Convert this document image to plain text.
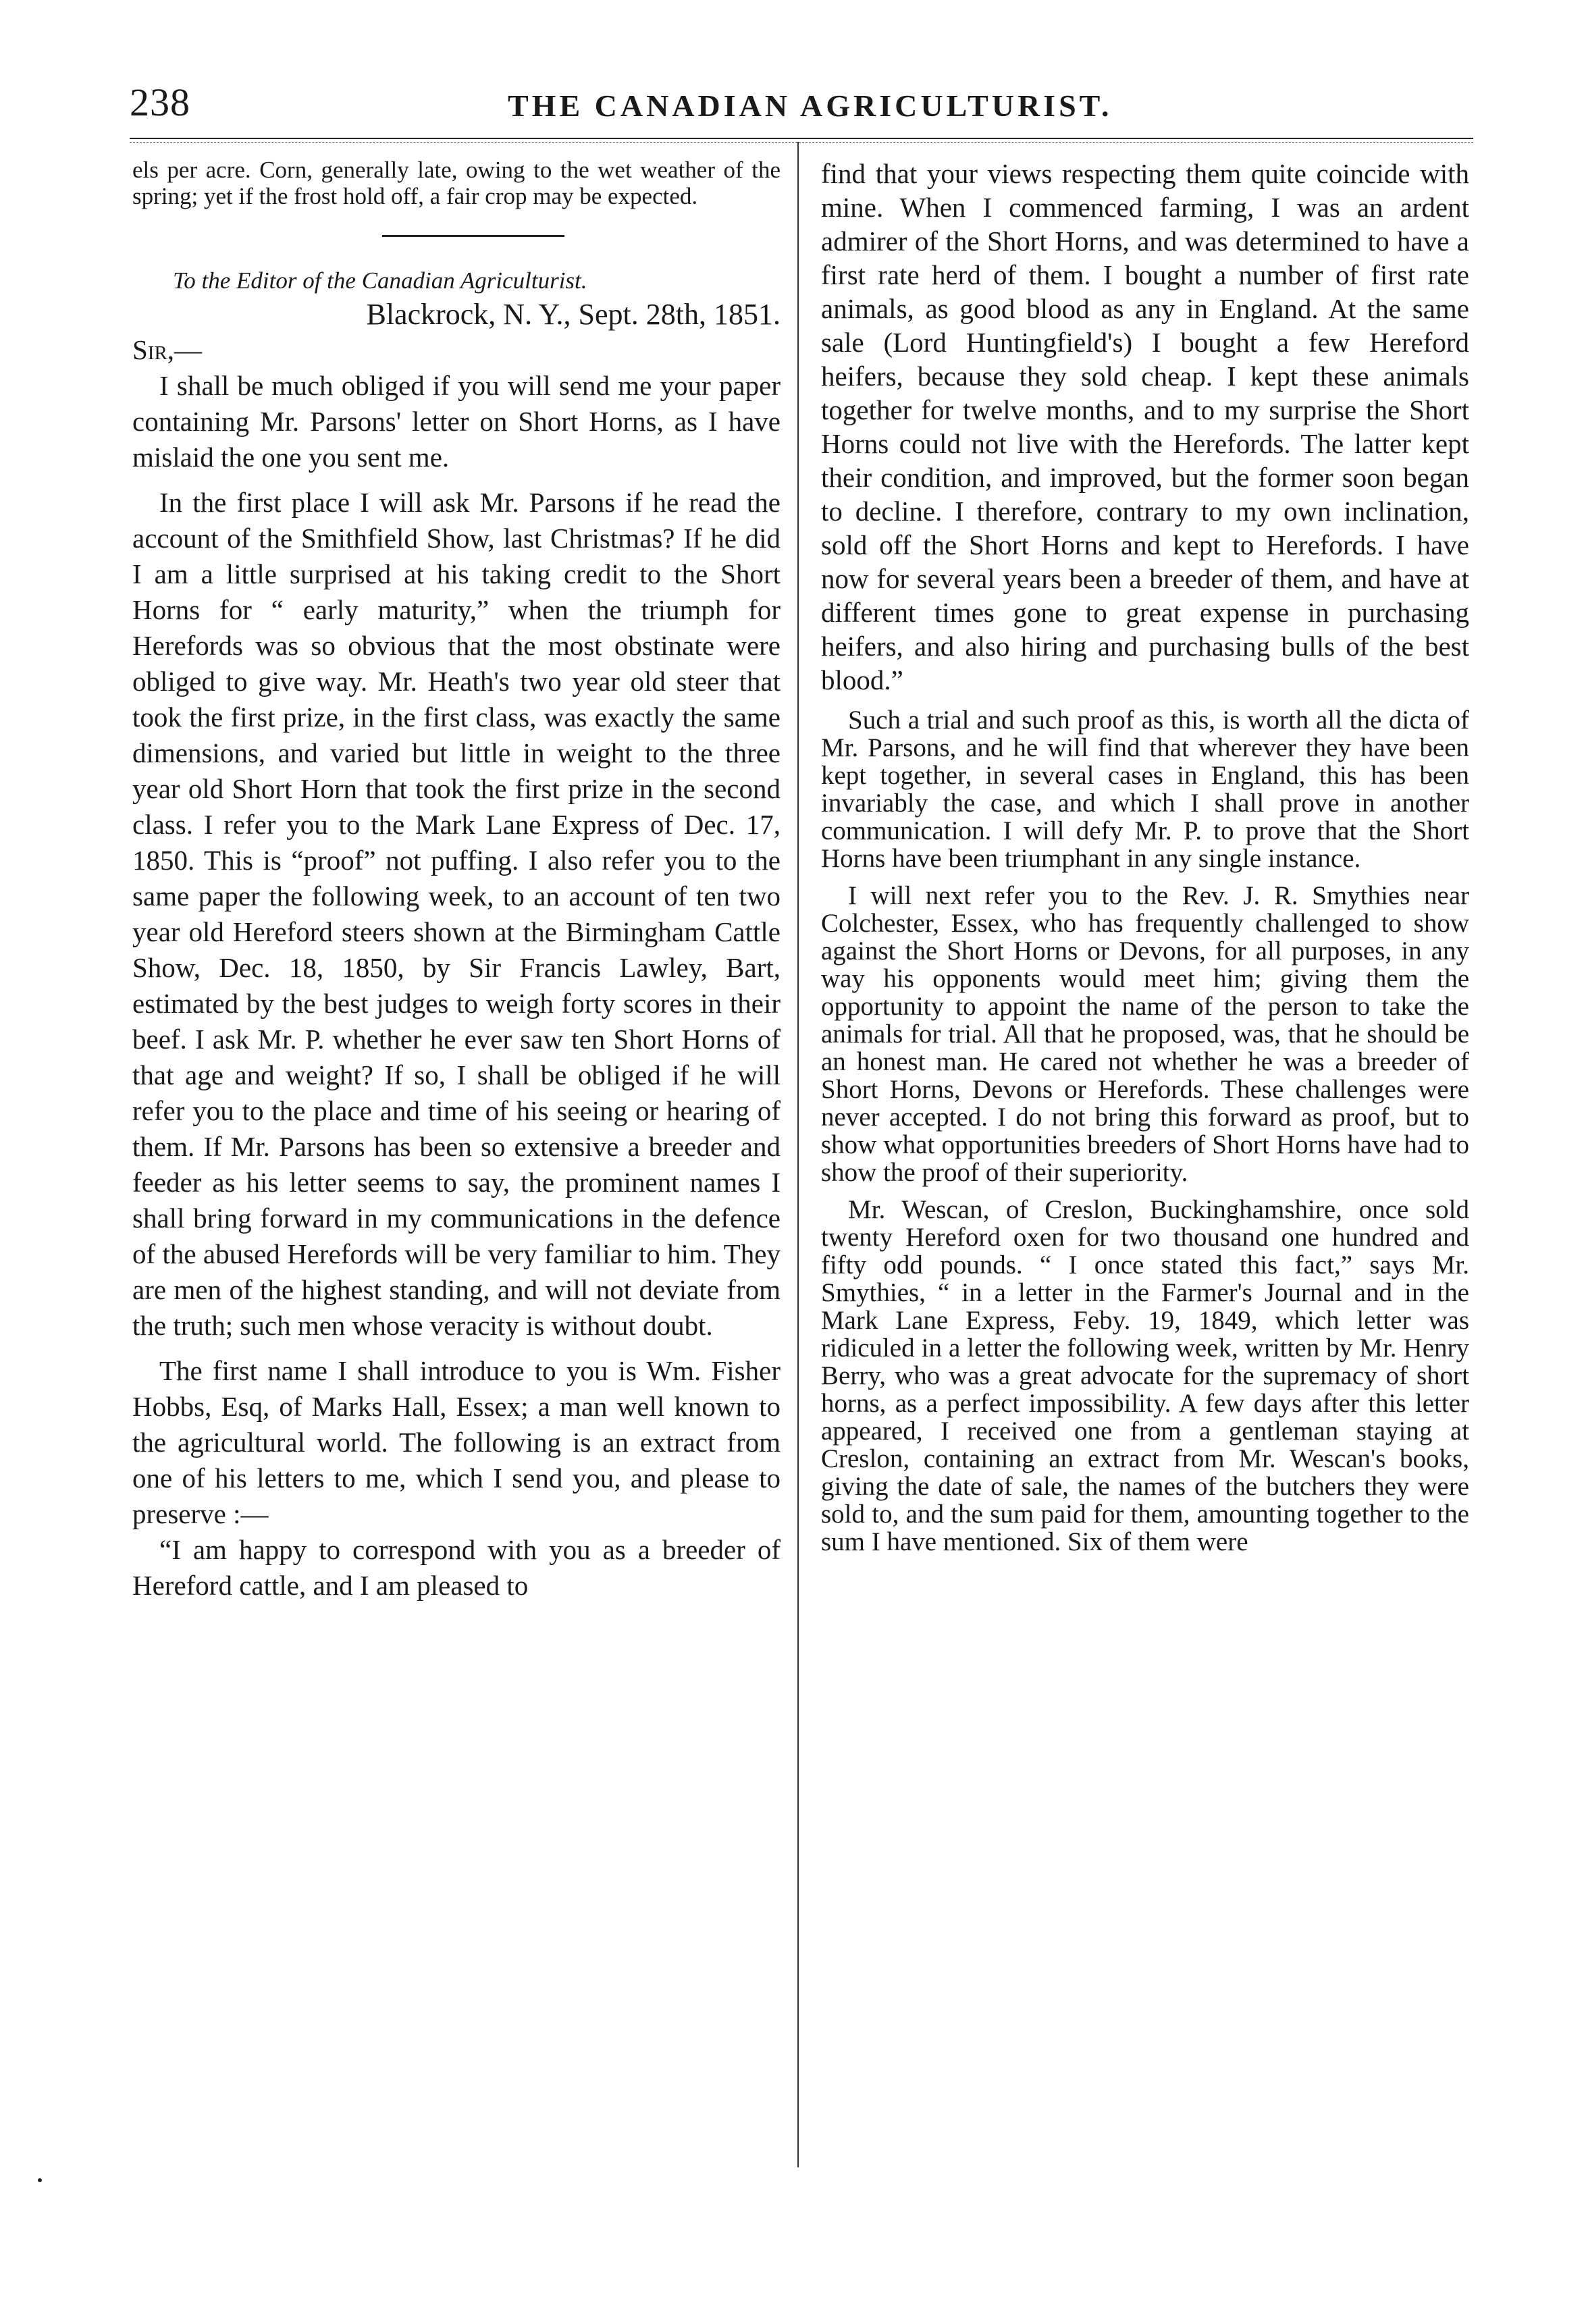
238	THE CANADIAN AGRICULTURIST.

els per acre. Corn, generally late, owing to the wet weather of the spring; yet if the frost hold off, a fair crop may be expected.

To the Editor of the Canadian Agriculturist.

Blackrock, N. Y., Sept. 28th, 1851.

Sir,—

I shall be much obliged if you will send me your paper containing Mr. Parsons' letter on Short Horns, as I have mislaid the one you sent me.

In the first place I will ask Mr. Parsons if he read the account of the Smithfield Show, last Christmas? If he did I am a little surprised at his taking credit to the Short Horns for “ early maturity,” when the triumph for Herefords was so obvious that the most obstinate were obliged to give way. Mr. Heath's two year old steer that took the first prize, in the first class, was exactly the same dimensions, and varied but little in weight to the three year old Short Horn that took the first prize in the second class. I refer you to the Mark Lane Express of Dec. 17, 1850. This is “proof” not puffing. I also refer you to the same paper the following week, to an account of ten two year old Hereford steers shown at the Birmingham Cattle Show, Dec. 18, 1850, by Sir Francis Lawley, Bart, estimated by the best judges to weigh forty scores in their beef. I ask Mr. P. whether he ever saw ten Short Horns of that age and weight? If so, I shall be obliged if he will refer you to the place and time of his seeing or hearing of them. If Mr. Parsons has been so extensive a breeder and feeder as his letter seems to say, the prominent names I shall bring forward in my communications in the defence of the abused Herefords will be very familiar to him. They are men of the highest standing, and will not deviate from the truth; such men whose veracity is without doubt.

The first name I shall introduce to you is Wm. Fisher Hobbs, Esq, of Marks Hall, Essex; a man well known to the agricultural world. The following is an extract from one of his letters to me, which I send you, and please to preserve :—

“I am happy to correspond with you as a breeder of Hereford cattle, and I am pleased to

find that your views respecting them quite coincide with mine. When I commenced farming, I was an ardent admirer of the Short Horns, and was determined to have a first rate herd of them. I bought a number of first rate animals, as good blood as any in England. At the same sale (Lord Huntingfield's) I bought a few Hereford heifers, because they sold cheap. I kept these animals together for twelve months, and to my surprise the Short Horns could not live with the Herefords. The latter kept their condition, and improved, but the former soon began to decline. I therefore, contrary to my own inclination, sold off the Short Horns and kept to Herefords. I have now for several years been a breeder of them, and have at different times gone to great expense in purchasing heifers, and also hiring and purchasing bulls of the best blood.”

Such a trial and such proof as this, is worth all the dicta of Mr. Parsons, and he will find that wherever they have been kept together, in several cases in England, this has been invariably the case, and which I shall prove in another communication. I will defy Mr. P. to prove that the Short Horns have been triumphant in any single instance.

I will next refer you to the Rev. J. R. Smythies near Colchester, Essex, who has frequently challenged to show against the Short Horns or Devons, for all purposes, in any way his opponents would meet him; giving them the opportunity to appoint the name of the person to take the animals for trial. All that he proposed, was, that he should be an honest man. He cared not whether he was a breeder of Short Horns, Devons or Herefords. These challenges were never accepted. I do not bring this forward as proof, but to show what opportunities breeders of Short Horns have had to show the proof of their superiority.

Mr. Wescan, of Creslon, Buckinghamshire, once sold twenty Hereford oxen for two thousand one hundred and fifty odd pounds. “ I once stated this fact,” says Mr. Smythies, “ in a letter in the Farmer's Journal and in the Mark Lane Express, Feby. 19, 1849, which letter was ridiculed in a letter the following week, written by Mr. Henry Berry, who was a great advocate for the supremacy of short horns, as a perfect impossibility. A few days after this letter appeared, I received one from a gentleman staying at Creslon, containing an extract from Mr. Wescan's books, giving the date of sale, the names of the butchers they were sold to, and the sum paid for them, amounting together to the sum I have mentioned. Six of them were
